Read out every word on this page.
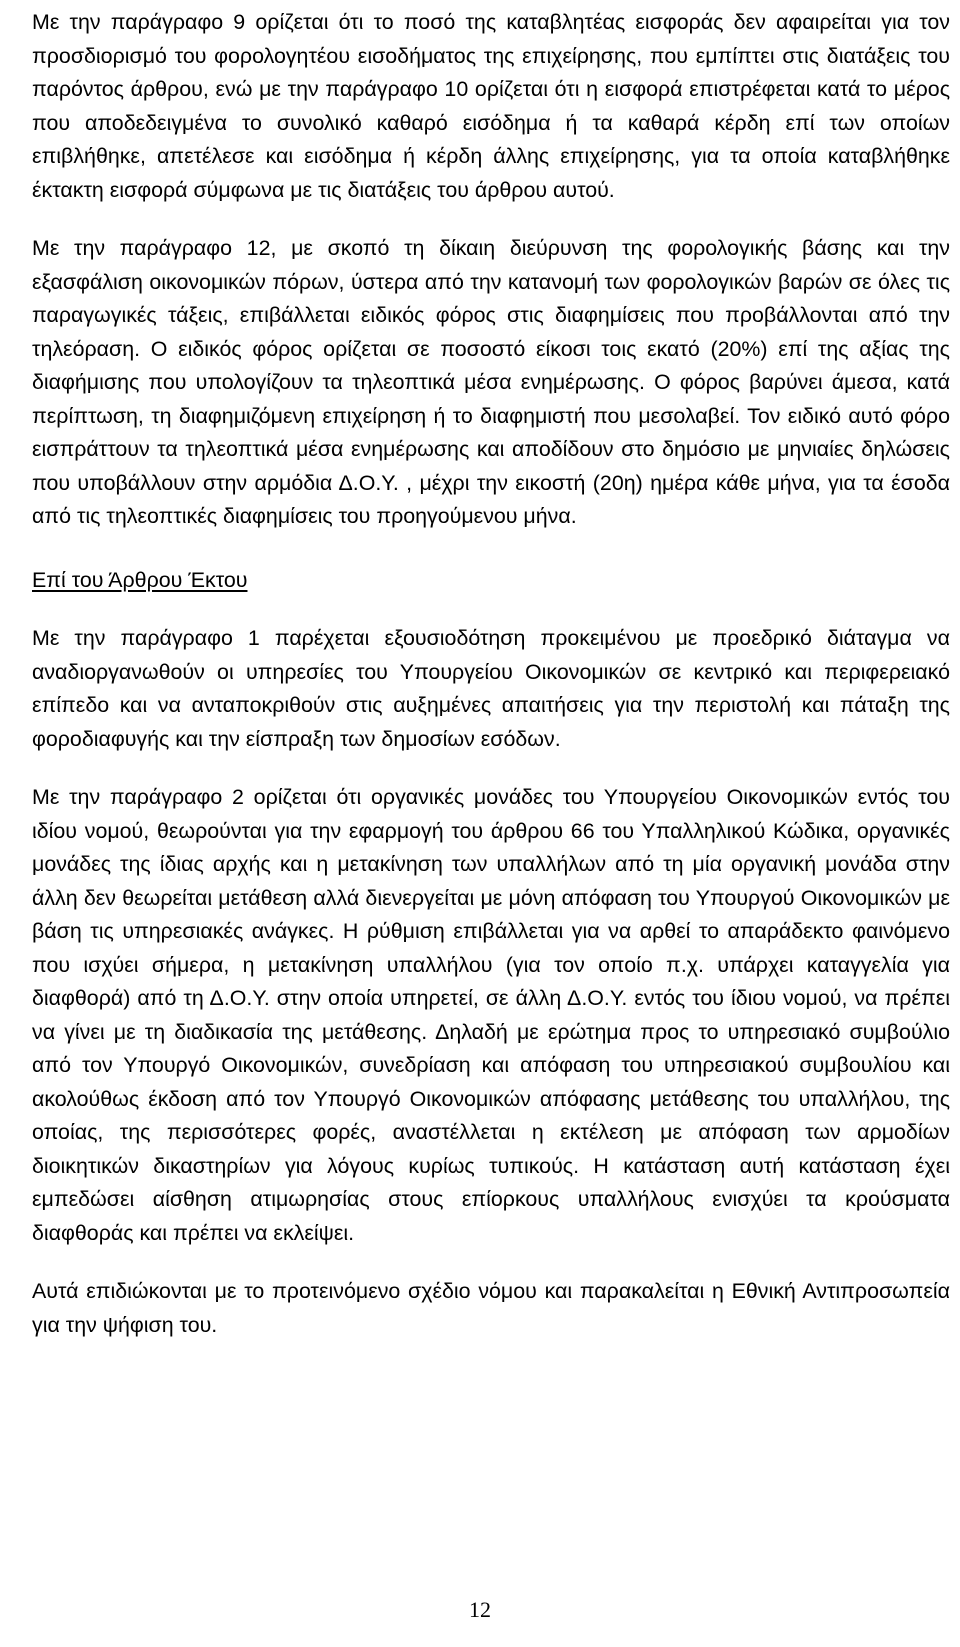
Με την παράγραφο 9 ορίζεται ότι το ποσό της καταβλητέας εισφοράς δεν αφαιρείται για τον προσδιορισμό του φορολογητέου εισοδήματος της επιχείρησης, που εμπίπτει στις διατάξεις του παρόντος άρθρου, ενώ με την παράγραφο 10 ορίζεται ότι η εισφορά επιστρέφεται κατά το μέρος που αποδεδειγμένα το συνολικό καθαρό εισόδημα ή τα καθαρά κέρδη επί των οποίων επιβλήθηκε, απετέλεσε και εισόδημα ή κέρδη άλλης επιχείρησης, για τα οποία καταβλήθηκε έκτακτη εισφορά σύμφωνα με τις διατάξεις του άρθρου αυτού.

Με την παράγραφο 12, με σκοπό τη δίκαιη διεύρυνση της φορολογικής βάσης και την εξασφάλιση οικονομικών πόρων, ύστερα από την κατανομή των φορολογικών βαρών σε όλες τις παραγωγικές τάξεις, επιβάλλεται ειδικός φόρος στις διαφημίσεις που προβάλλονται από την τηλεόραση. Ο ειδικός φόρος ορίζεται σε ποσοστό είκοσι τοις εκατό (20%) επί της αξίας της διαφήμισης που υπολογίζουν τα τηλεοπτικά μέσα ενημέρωσης. Ο φόρος βαρύνει άμεσα, κατά περίπτωση, τη διαφημιζόμενη επιχείρηση ή το διαφημιστή που μεσολαβεί. Τον ειδικό αυτό φόρο εισπράττουν τα τηλεοπτικά μέσα ενημέρωσης και αποδίδουν στο δημόσιο με μηνιαίες δηλώσεις που υποβάλλουν στην αρμόδια Δ.Ο.Υ. , μέχρι την εικοστή (20η) ημέρα κάθε μήνα, για τα έσοδα από τις τηλεοπτικές διαφημίσεις του προηγούμενου μήνα.

Επί του Άρθρου Έκτου

Με την παράγραφο 1 παρέχεται εξουσιοδότηση προκειμένου με προεδρικό διάταγμα να αναδιοργανωθούν οι υπηρεσίες του Υπουργείου Οικονομικών σε κεντρικό και περιφερειακό επίπεδο και να ανταποκριθούν στις αυξημένες απαιτήσεις για την περιστολή και πάταξη της φοροδιαφυγής και την είσπραξη των δημοσίων εσόδων.

Με την παράγραφο 2 ορίζεται ότι οργανικές μονάδες του Υπουργείου Οικονομικών εντός του ιδίου νομού, θεωρούνται για την εφαρμογή του άρθρου 66 του Υπαλληλικού Κώδικα, οργανικές μονάδες της ίδιας αρχής και η μετακίνηση των υπαλλήλων από τη μία οργανική μονάδα στην άλλη δεν θεωρείται μετάθεση αλλά διενεργείται με μόνη απόφαση του Υπουργού Οικονομικών με βάση τις υπηρεσιακές ανάγκες. Η ρύθμιση επιβάλλεται για να αρθεί το απαράδεκτο φαινόμενο που ισχύει σήμερα, η μετακίνηση υπαλλήλου (για τον οποίο π.χ. υπάρχει καταγγελία για διαφθορά) από τη Δ.Ο.Υ. στην οποία υπηρετεί, σε άλλη Δ.Ο.Υ. εντός του ίδιου νομού, να πρέπει να γίνει με τη διαδικασία της μετάθεσης. Δηλαδή με ερώτημα προς το υπηρεσιακό συμβούλιο από τον Υπουργό Οικονομικών, συνεδρίαση και απόφαση του υπηρεσιακού συμβουλίου και ακολούθως έκδοση από τον Υπουργό Οικονομικών απόφασης μετάθεσης του υπαλλήλου, της οποίας, της περισσότερες φορές, αναστέλλεται η εκτέλεση με απόφαση των αρμοδίων διοικητικών δικαστηρίων για λόγους κυρίως τυπικούς. Η κατάσταση αυτή κατάσταση έχει εμπεδώσει αίσθηση ατιμωρησίας στους επίορκους υπαλλήλους ενισχύει τα κρούσματα διαφθοράς και πρέπει να εκλείψει.

Αυτά επιδιώκονται με το προτεινόμενο σχέδιο νόμου και παρακαλείται η Εθνική Αντιπροσωπεία για την ψήφιση του.

12
